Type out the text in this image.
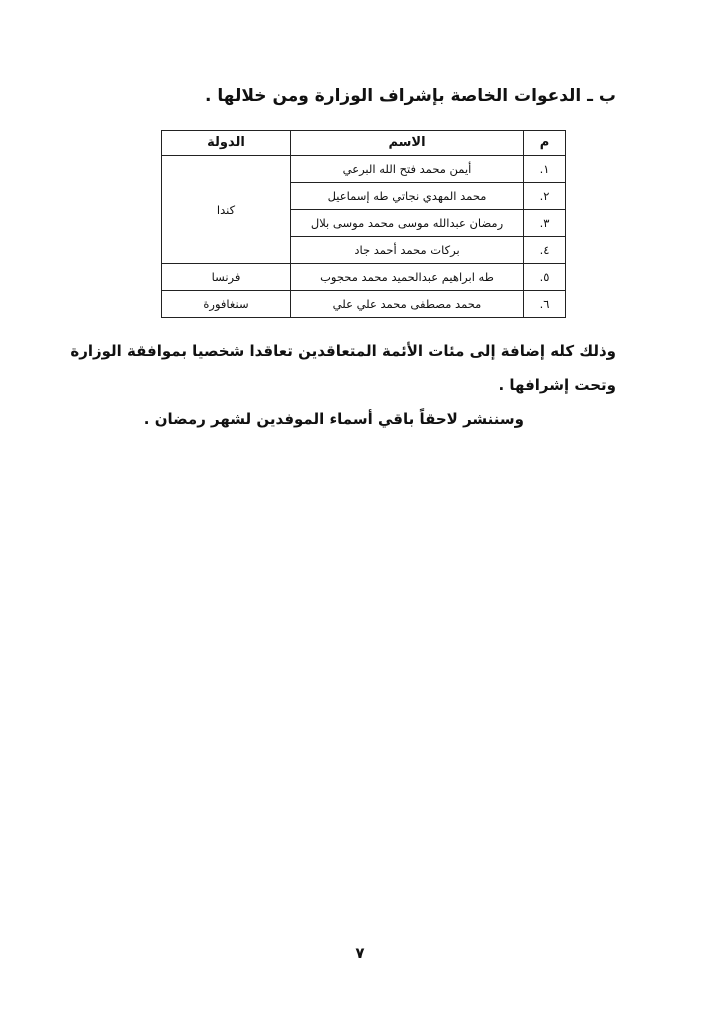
ب ـ الدعوات الخاصة بإشراف الوزارة ومن خلالها .
م	الاسم	الدولة
١.	أيمن محمد فتح الله البرعي	كندا
٢.	محمد المهدي نجاتي طه إسماعيل	
٣.	رمضان عبدالله موسى محمد موسى بلال	
٤.	بركات محمد أحمد جاد	
٥.	طه ابراهيم عبدالحميد محمد محجوب	فرنسا
٦.	محمد مصطفى محمد علي علي	سنغافورة
وذلك كله إضافة إلى مئات الأئمة المتعاقدين تعاقدا شخصيا بموافقة الوزارة
وتحت إشرافها .
وسننشر لاحقاً باقي أسماء الموفدين لشهر رمضان .
٧
